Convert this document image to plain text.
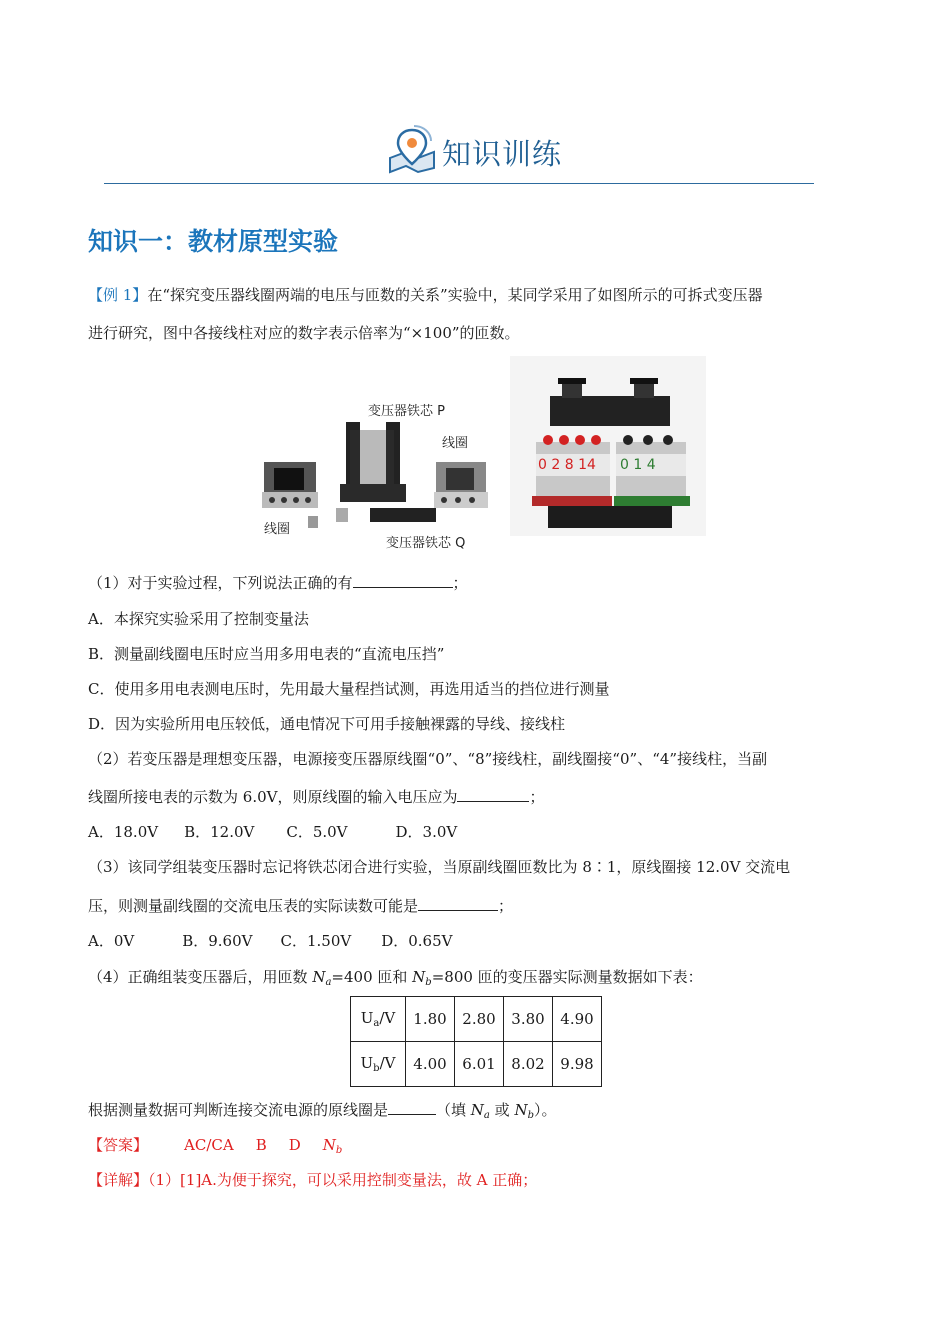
知识训练
知识一：教材原型实验
【例 1】在“探究变压器线圈两端的电压与匝数的关系”实验中，某同学采用了如图所示的可拆式变压器
进行研究，图中各接线柱对应的数字表示倍率为“×100”的匝数。
变压器铁芯 P
线圈
线圈
变压器铁芯 Q
0 2 8 14 0 1 4
（1）对于实验过程，下列说法正确的有	；
A．本探究实验采用了控制变量法
B．测量副线圈电压时应当用多用电表的“直流电压挡”
C．使用多用电表测电压时，先用最大量程挡试测，再选用适当的挡位进行测量
D．因为实验所用电压较低，通电情况下可用手接触裸露的导线、接线柱
（2）若变压器是理想变压器，电源接变压器原线圈“0”、“8”接线柱，副线圈接“0”、“4”接线柱，当副
线圈所接电表的示数为 6.0V，则原线圈的输入电压应为	；
A．18.0V B．12.0V C．5.0V	D．3.0V
（3）该同学组装变压器时忘记将铁芯闭合进行实验，当原副线圈匝数比为 8∶1，原线圈接 12.0V 交流电
压，则测量副线圈的交流电压表的实际读数可能是	；
A．0V	B．9.60V C．1.50V D．0.65V
（4）正确组装变压器后，用匝数 $N_a=400$ 匝和 $N_b=800$ 匝的变压器实际测量数据如下表：
$U_a/V$	1.80	2.80	3.80	4.90
$U_b/V$	4.00	6.01	8.02	9.98
根据测量数据可判断连接交流电源的原线圈是	（填 $N_a$ 或 $N_b$）。
【答案】 AC/CA B D $N_b$
【详解】（1）[1]A.为便于探究，可以采用控制变量法，故 A 正确；
